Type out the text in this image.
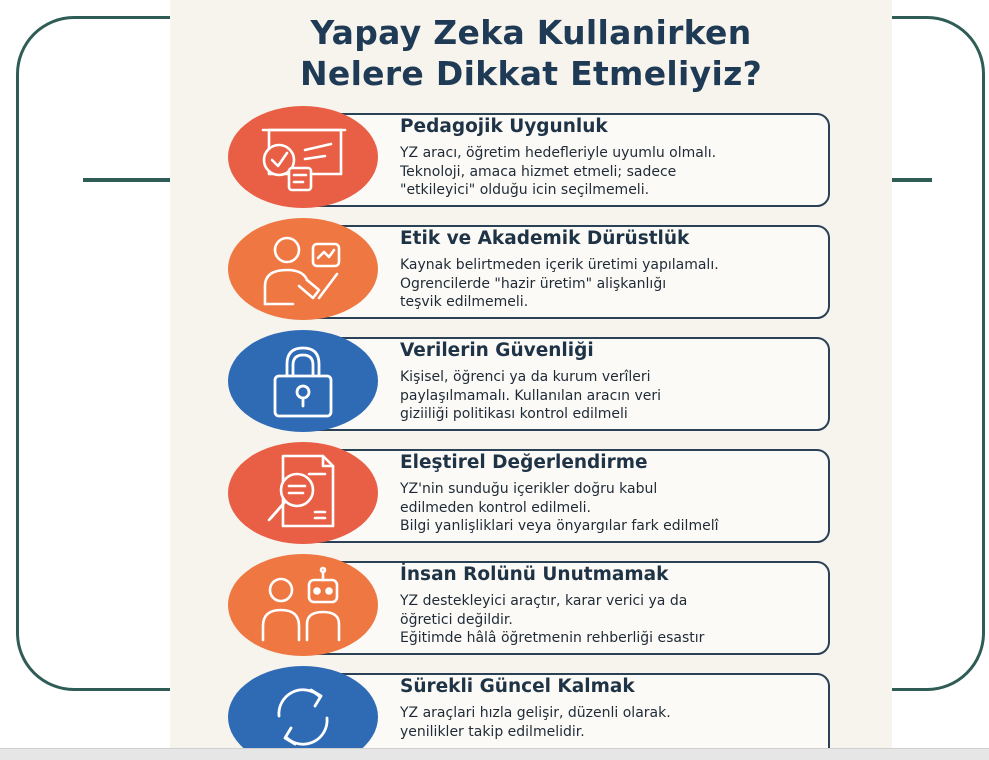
Yapay Zeka Kullanirken
Nelere Dikkat Etmeliyiz?
Pedagojik Uygunluk
YZ aracı, öğretim hedefleriyle uyumlu olmalı.
Teknoloji, amaca hizmet etmeli; sadece
"etkileyici" olduğu icin seçilmemeli.
Etik ve Akademik Dürüstlük
Kaynak belirtmeden içerik üretimi yapılamalı.
Ogrencilerde "hazir üretim" alişkanlığı
teşvik edilmemeli.
Verilerin Güvenliği
Kişisel, öğrenci ya da kurum verîleri
paylaşılmamalı. Kullanılan aracın veri
giziiliği politikası kontrol edilmeli
Eleştirel Değerlendirme
YZ'nin sunduğu içerikler doğru kabul
edilmeden kontrol edilmeli.
Bilgi yanlişliklari veya önyargılar fark edilmelî
İnsan Rolünü Unutmamak
YZ destekleyici araçtır, karar verici ya da
öğretici değildir.
Eğitimde hâlâ öğretmenin rehberliği esastır
Sürekli Güncel Kalmak
YZ araçlari hızla gelişir, düzenli olarak.
yenilikler takip edilmelidir.
